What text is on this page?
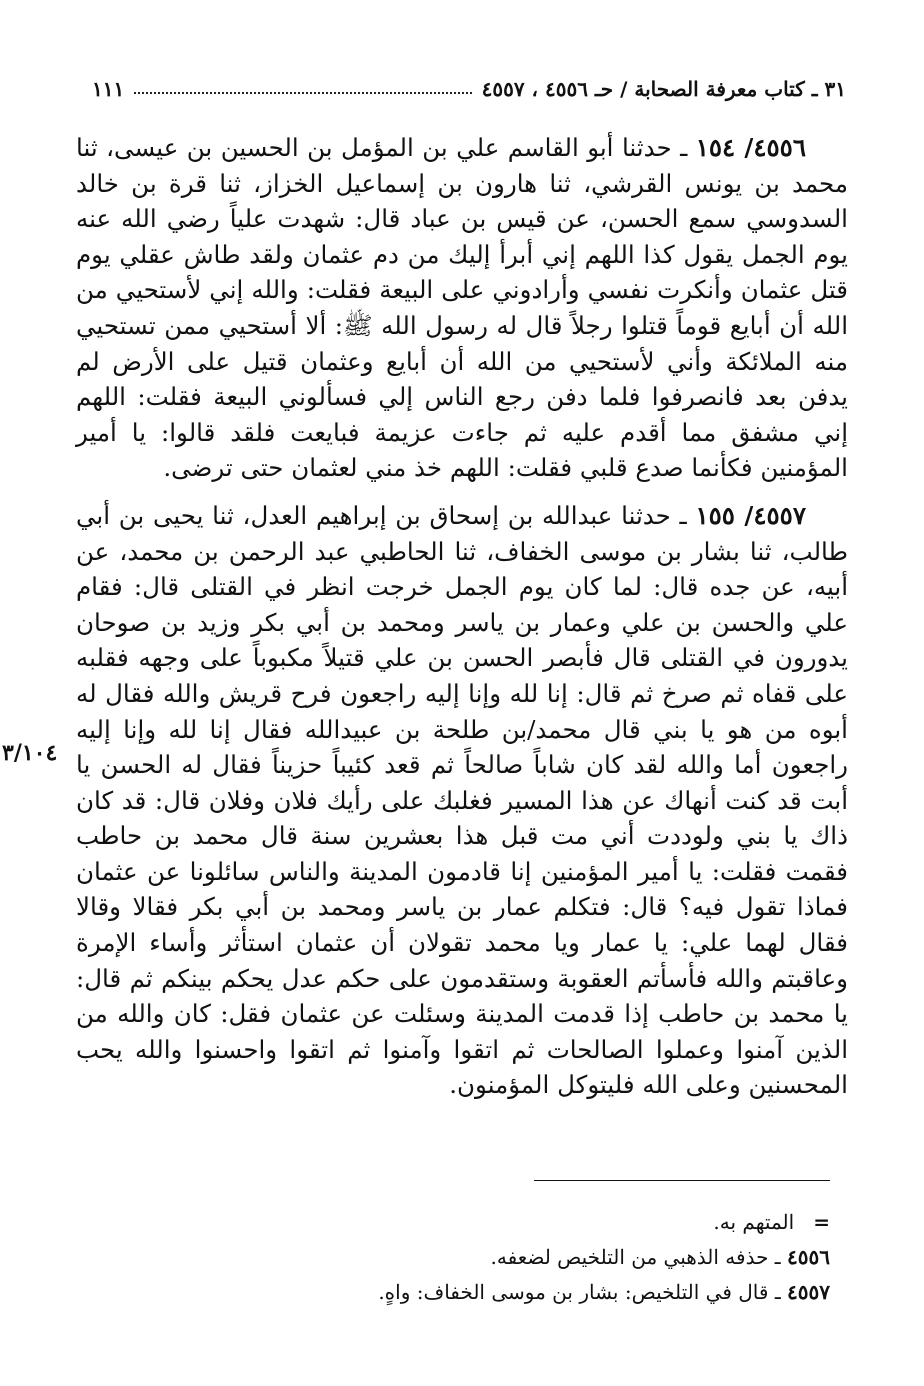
٣١ ـ كتاب معرفة الصحابة / حـ ٤٥٥٦ ، ٤٥٥٧
١١١

٤٥٥٦/ ١٥٤ ـ حدثنا أبو القاسم علي بن المؤمل بن الحسين بن عيسى، ثنا محمد بن يونس القرشي، ثنا هارون بن إسماعيل الخزاز، ثنا قرة بن خالد السدوسي سمع الحسن، عن قيس بن عباد قال: شهدت علياً رضي الله عنه يوم الجمل يقول كذا اللهم إني أبرأ إليك من دم عثمان ولقد طاش عقلي يوم قتل عثمان وأنكرت نفسي وأرادوني على البيعة فقلت: والله إني لأستحيي من الله أن أبايع قوماً قتلوا رجلاً قال له رسول الله ﷺ: ألا أستحيي ممن تستحيي منه الملائكة وأني لأستحيي من الله أن أبايع وعثمان قتيل على الأرض لم يدفن بعد فانصرفوا فلما دفن رجع الناس إلي فسألوني البيعة فقلت: اللهم إني مشفق مما أقدم عليه ثم جاءت عزيمة فبايعت فلقد قالوا: يا أمير المؤمنين فكأنما صدع قلبي فقلت: اللهم خذ مني لعثمان حتى ترضى.

٤٥٥٧/ ١٥٥ ـ حدثنا عبدالله بن إسحاق بن إبراهيم العدل، ثنا يحيى بن أبي طالب، ثنا بشار بن موسى الخفاف، ثنا الحاطبي عبد الرحمن بن محمد، عن أبيه، عن جده قال: لما كان يوم الجمل خرجت انظر في القتلى قال: فقام علي والحسن بن علي وعمار بن ياسر ومحمد بن أبي بكر وزيد بن صوحان يدورون في القتلى قال فأبصر الحسن بن علي قتيلاً مكبوباً على وجهه فقلبه على قفاه ثم صرخ ثم قال: إنا لله وإنا إليه راجعون فرح قريش والله فقال له أبوه من هو يا بني قال محمد/بن طلحة بن عبيدالله فقال إنا لله وإنا إليه راجعون أما والله لقد كان شاباً صالحاً ثم قعد كئيباً حزيناً فقال له الحسن يا أبت قد كنت أنهاك عن هذا المسير فغلبك على رأيك فلان وفلان قال: قد كان ذاك يا بني ولوددت أني مت قبل هذا بعشرين سنة قال محمد بن حاطب فقمت فقلت: يا أمير المؤمنين إنا قادمون المدينة والناس سائلونا عن عثمان فماذا تقول فيه؟ قال: فتكلم عمار بن ياسر ومحمد بن أبي بكر فقالا وقالا فقال لهما علي: يا عمار ويا محمد تقولان أن عثمان استأثر وأساء الإمرة وعاقبتم والله فأسأتم العقوبة وستقدمون على حكم عدل يحكم بينكم ثم قال: يا محمد بن حاطب إذا قدمت المدينة وسئلت عن عثمان فقل: كان والله من الذين آمنوا وعملوا الصالحات ثم اتقوا وآمنوا ثم اتقوا واحسنوا والله يحب المحسنين وعلى الله فليتوكل المؤمنون.

٣/١٠٤

=   المتهم به.

٤٥٥٦ ـ حذفه الذهبي من التلخيص لضعفه.

٤٥٥٧ ـ قال في التلخيص: بشار بن موسى الخفاف: واهٍ.
